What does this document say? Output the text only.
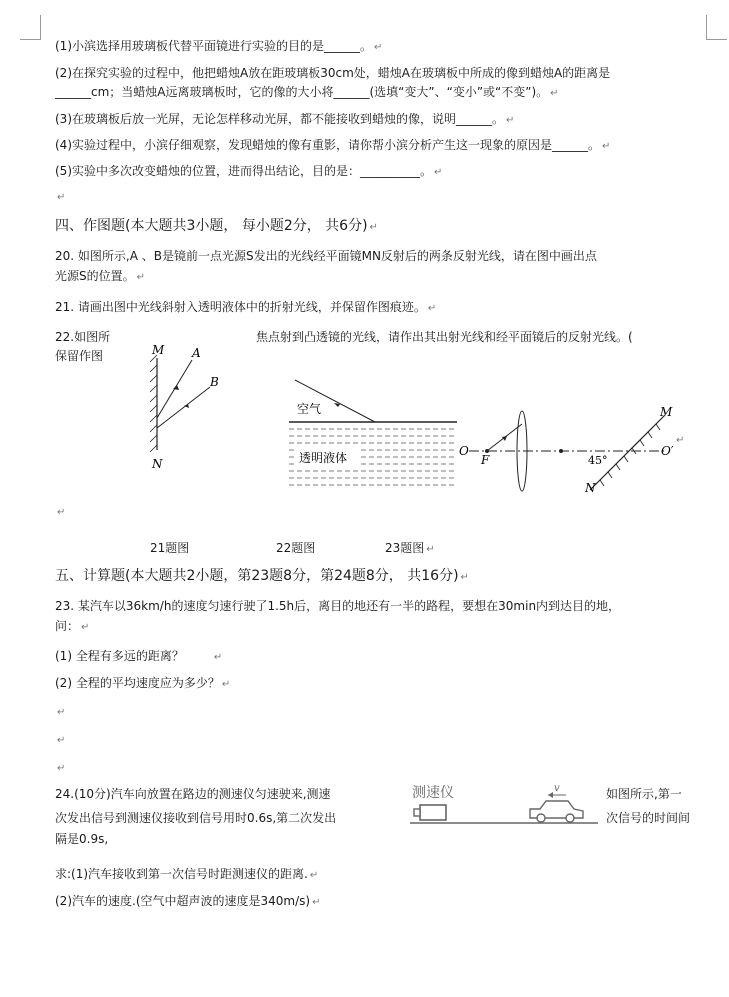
(1)小滨选择用玻璃板代替平面镜进行实验的目的是______。 ↵
(2)在探究实验的过程中，他把蜡烛A放在距玻璃板30cm处，蜡烛A在玻璃板中所成的像到蜡烛A的距离是
______cm；当蜡烛A远离玻璃板时，它的像的大小将______(选填“变大”、“变小”或“不变”)。 ↵
(3)在玻璃板后放一光屏，无论怎样移动光屏，都不能接收到蜡烛的像，说明______。 ↵
(4)实验过程中，小滨仔细观察，发现蜡烛的像有重影，请你帮小滨分析产生这一现象的原因是______。 ↵
(5)实验中多次改变蜡烛的位置，进而得出结论，目的是：__________。 ↵
↵
四、作图题(本大题共3小题， 每小题2分， 共6分) ↵
20. 如图所示,A 、B是镜前一点光源S发出的光线经平面镜MN反射后的两条反射光线，请在图中画出点
光源S的位置。 ↵
21. 请画出图中光线斜射入透明液体中的折射光线，并保留作图痕迹。 ↵
22.如图所	焦点射到凸透镜的光线，请作出其出射光线和经平面镜后的反射光线。(
保留作图	M A
B
N
空气
透明液体	O
F	45°
O′
M
N
↵
↵
21题图	22题图	23题图 ↵
五、计算题(本大题共2小题，第23题8分，第24题8分， 共16分) ↵
23. 某汽车以36km/h的速度匀速行驶了1.5h后，离目的地还有一半的路程，要想在30min内到达目的地，
问： ↵
(1) 全程有多远的距离？	↵
(2) 全程的平均速度应为多少？ ↵
↵
↵
↵
24.(10分)汽车向放置在路边的测速仪匀速驶来,测速	如图所示,第一
次发出信号到测速仪接收到信号用时0.6s,第二次发出	次信号的时间间
隔是0.9s,
测速仪	v
求:(1)汽车接收到第一次信号时距测速仪的距离. ↵
(2)汽车的速度.(空气中超声波的速度是340m/s) ↵
